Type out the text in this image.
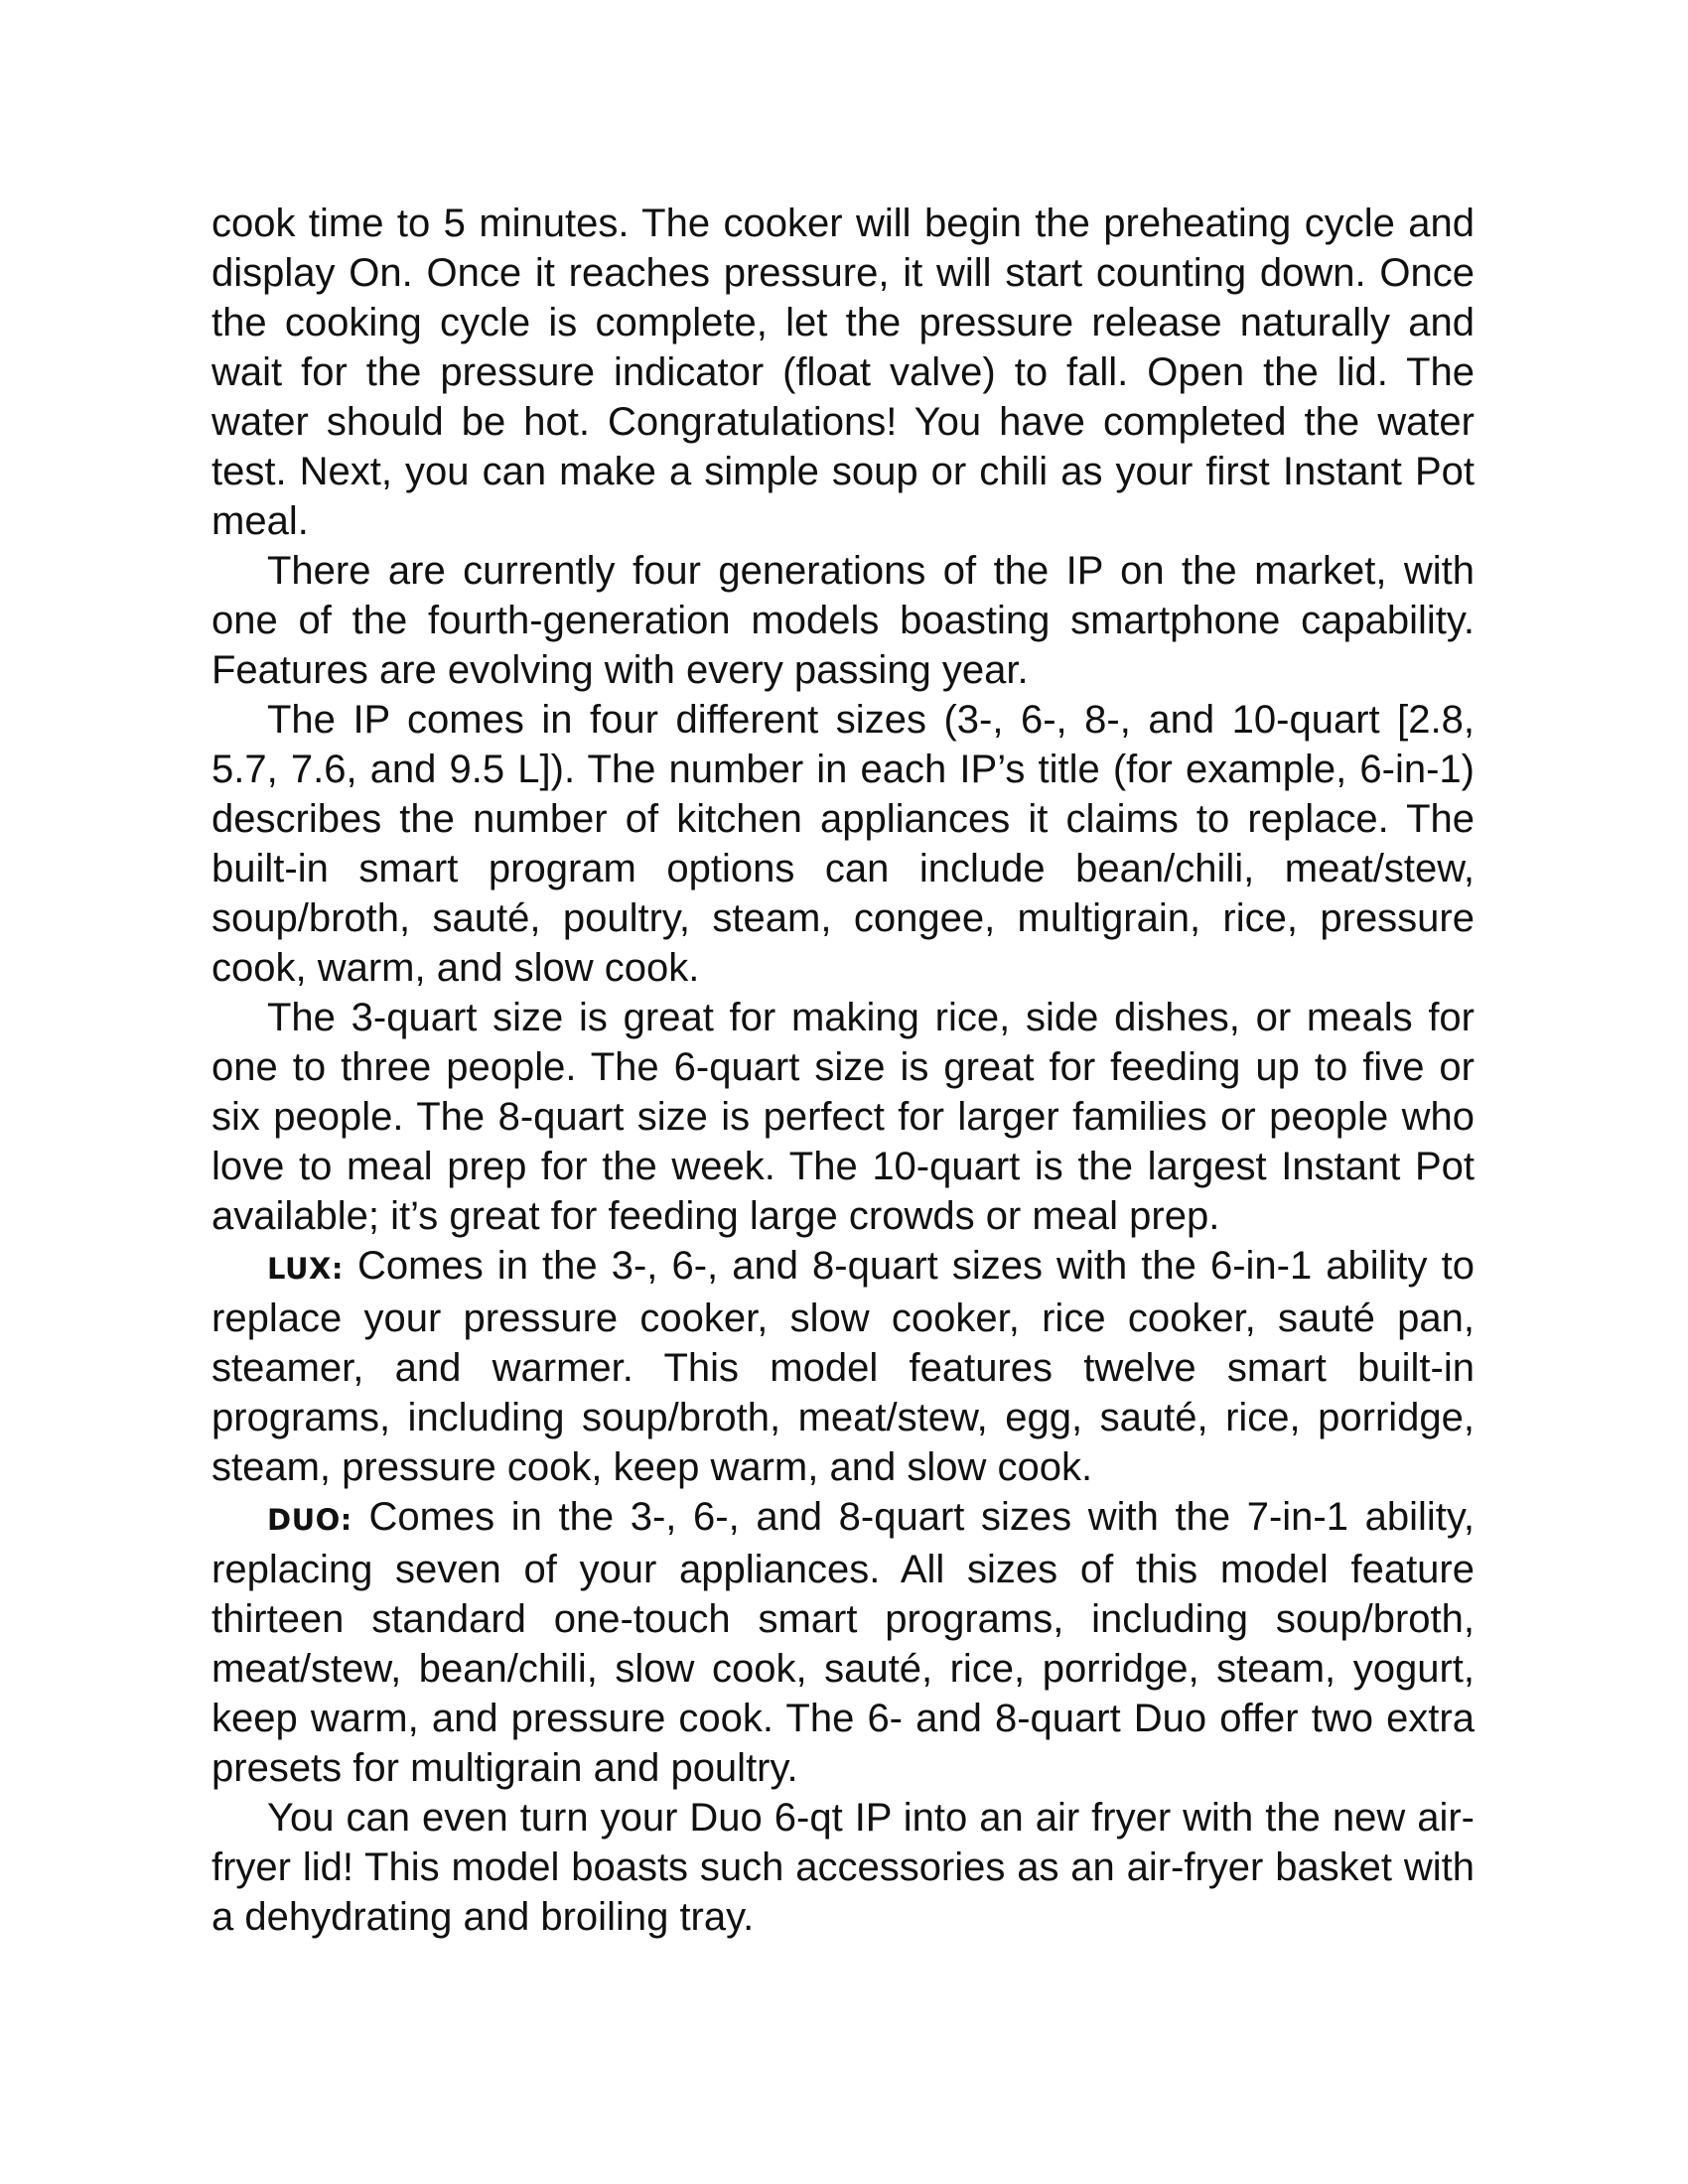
cook time to 5 minutes. The cooker will begin the preheating cycle and display On. Once it reaches pressure, it will start counting down. Once the cooking cycle is complete, let the pressure release naturally and wait for the pressure indicator (float valve) to fall. Open the lid. The water should be hot. Congratulations! You have completed the water test. Next, you can make a simple soup or chili as your first Instant Pot meal.

There are currently four generations of the IP on the market, with one of the fourth-generation models boasting smartphone capability. Features are evolving with every passing year.

The IP comes in four different sizes (3-, 6-, 8-, and 10-quart [2.8, 5.7, 7.6, and 9.5 L]). The number in each IP’s title (for example, 6-in-1) describes the number of kitchen appliances it claims to replace. The built-in smart program options can include bean/chili, meat/stew, soup/broth, sauté, poultry, steam, congee, multigrain, rice, pressure cook, warm, and slow cook.

The 3-quart size is great for making rice, side dishes, or meals for one to three people. The 6-quart size is great for feeding up to five or six people. The 8-quart size is perfect for larger families or people who love to meal prep for the week. The 10-quart is the largest Instant Pot available; it’s great for feeding large crowds or meal prep.

LUX: Comes in the 3-, 6-, and 8-quart sizes with the 6-in-1 ability to replace your pressure cooker, slow cooker, rice cooker, sauté pan, steamer, and warmer. This model features twelve smart built-in programs, including soup/broth, meat/stew, egg, sauté, rice, porridge, steam, pressure cook, keep warm, and slow cook.

DUO: Comes in the 3-, 6-, and 8-quart sizes with the 7-in-1 ability, replacing seven of your appliances. All sizes of this model feature thirteen standard one-touch smart programs, including soup/broth, meat/stew, bean/chili, slow cook, sauté, rice, porridge, steam, yogurt, keep warm, and pressure cook. The 6- and 8-quart Duo offer two extra presets for multigrain and poultry.

You can even turn your Duo 6-qt IP into an air fryer with the new air-fryer lid! This model boasts such accessories as an air-fryer basket with a dehydrating and broiling tray.
